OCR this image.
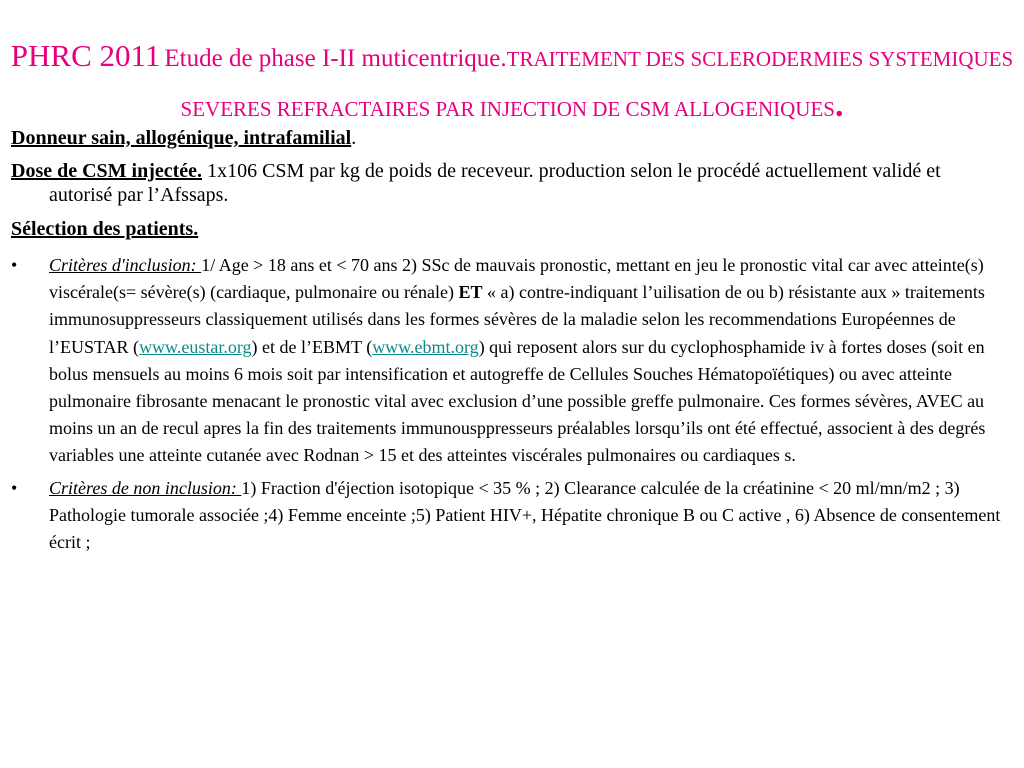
PHRC 2011 Etude de phase I-II muticentrique.TRAITEMENT DES SCLERODERMIES SYSTEMIQUES SEVERES REFRACTAIRES PAR INJECTION DE CSM ALLOGENIQUES.

Donneur sain, allogénique, intrafamilial.

Dose de CSM injectée. 1x106 CSM par kg de poids de receveur. production selon le procédé actuellement validé et autorisé par l’Afssaps.

Sélection des patients.

• Critères d'inclusion: 1/ Age > 18 ans et < 70 ans 2) SSc de mauvais pronostic, mettant en jeu le pronostic vital car avec atteinte(s) viscérale(s= sévère(s) (cardiaque, pulmonaire ou rénale) ET « a) contre-indiquant l’uilisation de ou b) résistante aux » traitements immunosuppresseurs classiquement utilisés dans les formes sévères de la maladie selon les recommendations Européennes de l’EUSTAR (www.eustar.org) et de l’EBMT (www.ebmt.org) qui reposent alors sur du cyclophosphamide iv à fortes doses (soit en bolus mensuels au moins 6 mois soit par intensification et autogreffe de Cellules Souches Hématopoïétiques) ou avec atteinte pulmonaire fibrosante menacant le pronostic vital avec exclusion d’une possible greffe pulmonaire. Ces formes sévères, AVEC au moins un an de recul apres la fin des traitements immunousppresseurs préalables lorsqu’ils ont été effectué, associent à des degrés variables une atteinte cutanée avec Rodnan > 15 et des atteintes viscérales pulmonaires ou cardiaques s.

• Critères de non inclusion: 1) Fraction d'éjection isotopique < 35 % ; 2) Clearance calculée de la créatinine < 20 ml/mn/m2 ; 3) Pathologie tumorale associée ;4) Femme enceinte ;5) Patient HIV+, Hépatite chronique B ou C active , 6) Absence de consentement écrit ;
